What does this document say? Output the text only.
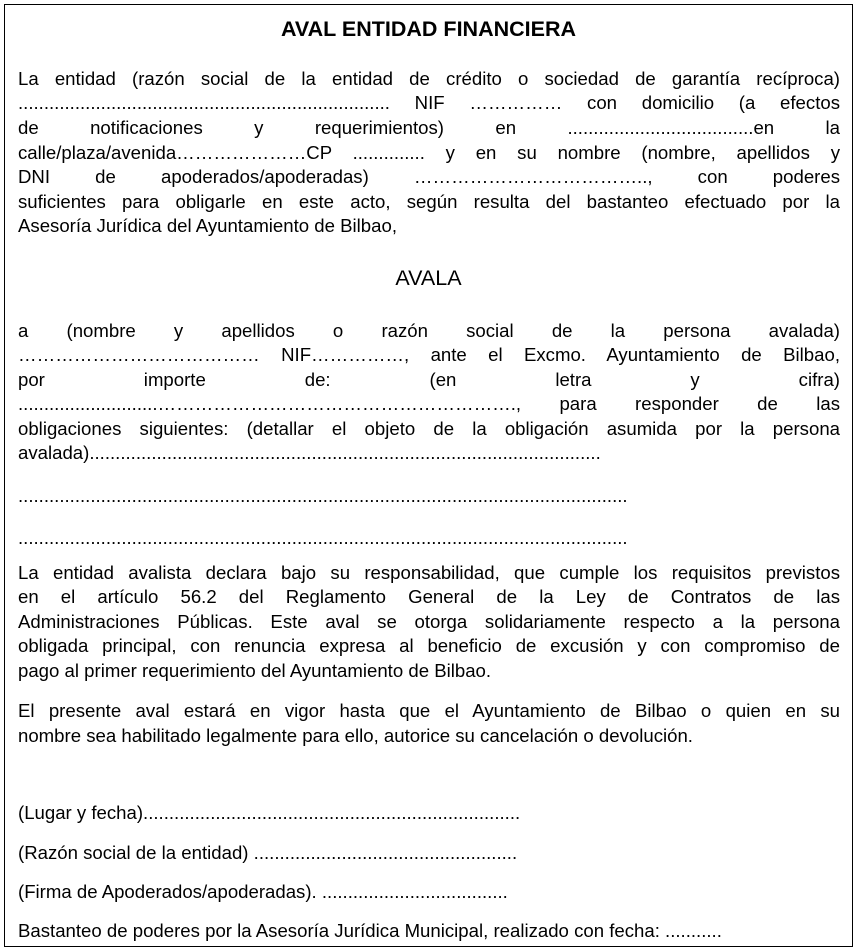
AVAL ENTIDAD FINANCIERA
La entidad (razón social de la entidad de crédito o sociedad de garantía recíproca)
........................................................................ NIF …………… con domicilio (a efectos
de notificaciones y requerimientos) en ....................................en la
calle/plaza/avenida…………………CP .............. y en su nombre (nombre, apellidos y
DNI de apoderados/apoderadas) ……………………………….., con poderes
suficientes para obligarle en este acto, según resulta del bastanteo efectuado por la
Asesoría Jurídica del Ayuntamiento de Bilbao,
AVALA
a (nombre y apellidos o razón social de la persona avalada)
………………………………… NIF……………, ante el Excmo. Ayuntamiento de Bilbao,
por importe de: (en letra y cifra)
...........................…………………………………………………., para responder de las
obligaciones siguientes: (detallar el objeto de la obligación asumida por la persona
avalada)...................................................................................................
......................................................................................................................
......................................................................................................................
La entidad avalista declara bajo su responsabilidad, que cumple los requisitos previstos
en el artículo 56.2 del Reglamento General de la Ley de Contratos de las
Administraciones Públicas. Este aval se otorga solidariamente respecto a la persona
obligada principal, con renuncia expresa al beneficio de excusión y con compromiso de
pago al primer requerimiento del Ayuntamiento de Bilbao.
El presente aval estará en vigor hasta que el Ayuntamiento de Bilbao o quien en su
nombre sea habilitado legalmente para ello, autorice su cancelación o devolución.
(Lugar y fecha).........................................................................
(Razón social de la entidad) ...................................................
(Firma de Apoderados/apoderadas). ....................................
Bastanteo de poderes por la Asesoría Jurídica Municipal, realizado con fecha: ...........
